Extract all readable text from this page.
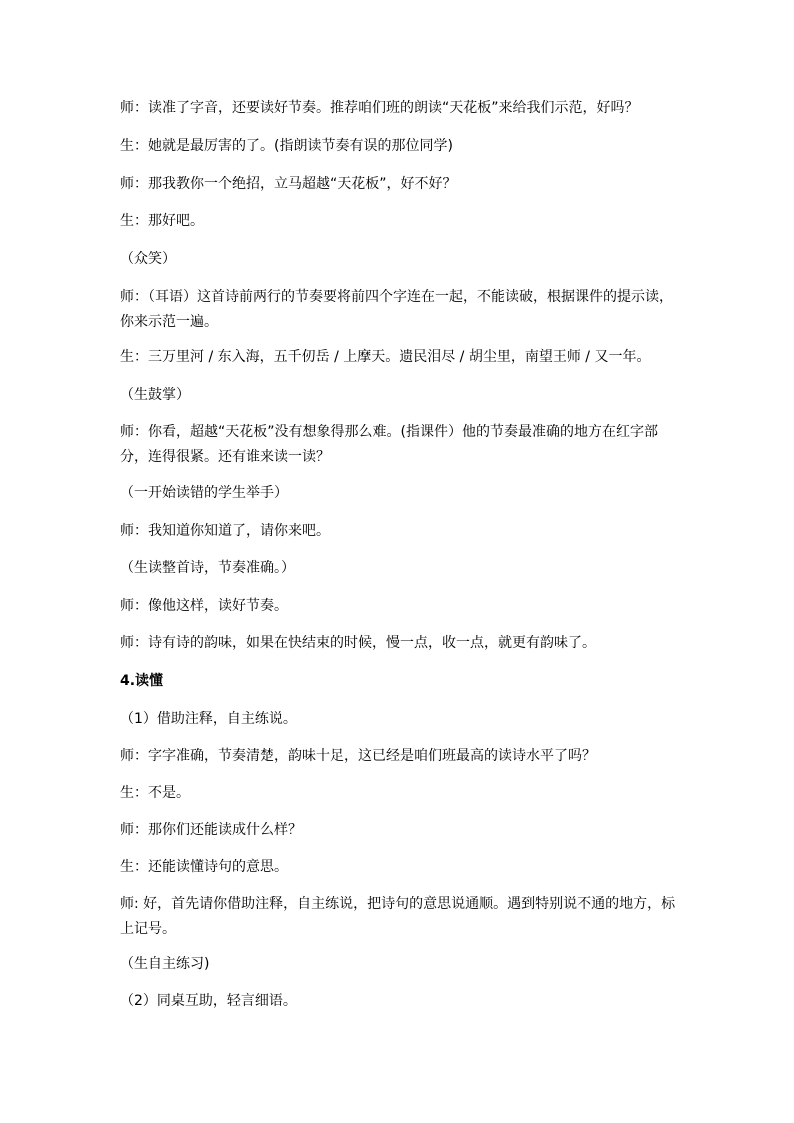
师：读准了字音，还要读好节奏。推荐咱们班的朗读“天花板”来给我们示范，好吗？

生：她就是最厉害的了。(指朗读节奏有误的那位同学)

师：那我教你一个绝招，立马超越“天花板”，好不好？

生：那好吧。

（众笑）

师：（耳语）这首诗前两行的节奏要将前四个字连在一起，不能读破，根据课件的提示读，你来示范一遍。

生：三万里河 / 东入海，五千仞岳 / 上摩天。遗民泪尽 / 胡尘里，南望王师 / 又一年。

（生鼓掌）

师：你看，超越“天花板”没有想象得那么难。(指课件）他的节奏最准确的地方在红字部分，连得很紧。还有谁来读一读？

（一开始读错的学生举手）

师：我知道你知道了，请你来吧。

（生读整首诗，节奏准确。）

师：像他这样，读好节奏。

师：诗有诗的韵味，如果在快结束的时候，慢一点，收一点，就更有韵味了。

4.读懂

（1）借助注释，自主练说。

师：字字准确，节奏清楚，韵味十足，这已经是咱们班最高的读诗水平了吗？

生：不是。

师：那你们还能读成什么样？

生：还能读懂诗句的意思。

师: 好，首先请你借助注释，自主练说，把诗句的意思说通顺。遇到特别说不通的地方，标上记号。

（生自主练习)

（2）同桌互助，轻言细语。
